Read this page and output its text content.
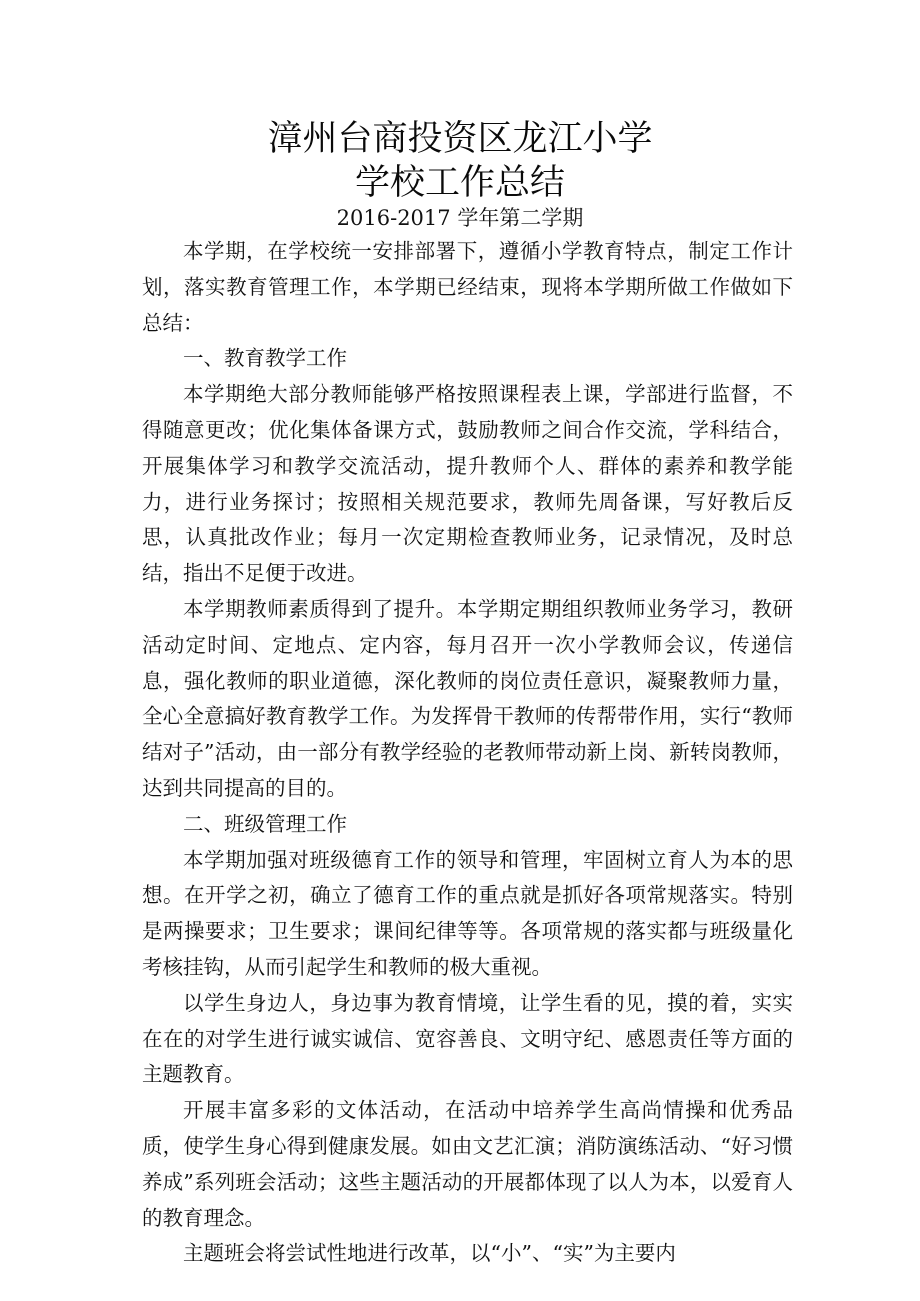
漳州台商投资区龙江小学
学校工作总结
2016-2017 学年第二学期

本学期，在学校统一安排部署下，遵循小学教育特点，制定工作计划，落实教育管理工作，本学期已经结束，现将本学期所做工作做如下总结：

一、教育教学工作

本学期绝大部分教师能够严格按照课程表上课，学部进行监督，不得随意更改；优化集体备课方式，鼓励教师之间合作交流，学科结合，开展集体学习和教学交流活动，提升教师个人、群体的素养和教学能力，进行业务探讨；按照相关规范要求，教师先周备课，写好教后反思，认真批改作业；每月一次定期检查教师业务，记录情况，及时总结，指出不足便于改进。

本学期教师素质得到了提升。本学期定期组织教师业务学习，教研活动定时间、定地点、定内容，每月召开一次小学教师会议，传递信息，强化教师的职业道德，深化教师的岗位责任意识，凝聚教师力量，全心全意搞好教育教学工作。为发挥骨干教师的传帮带作用，实行“教师结对子”活动，由一部分有教学经验的老教师带动新上岗、新转岗教师，达到共同提高的目的。

二、班级管理工作

本学期加强对班级德育工作的领导和管理，牢固树立育人为本的思想。在开学之初，确立了德育工作的重点就是抓好各项常规落实。特别是两操要求；卫生要求；课间纪律等等。各项常规的落实都与班级量化考核挂钩，从而引起学生和教师的极大重视。

以学生身边人，身边事为教育情境，让学生看的见，摸的着，实实在在的对学生进行诚实诚信、宽容善良、文明守纪、感恩责任等方面的主题教育。

开展丰富多彩的文体活动，在活动中培养学生高尚情操和优秀品质，使学生身心得到健康发展。如由文艺汇演；消防演练活动、“好习惯养成”系列班会活动；这些主题活动的开展都体现了以人为本，以爱育人的教育理念。

主题班会将尝试性地进行改革，以“小”、“实”为主要内
